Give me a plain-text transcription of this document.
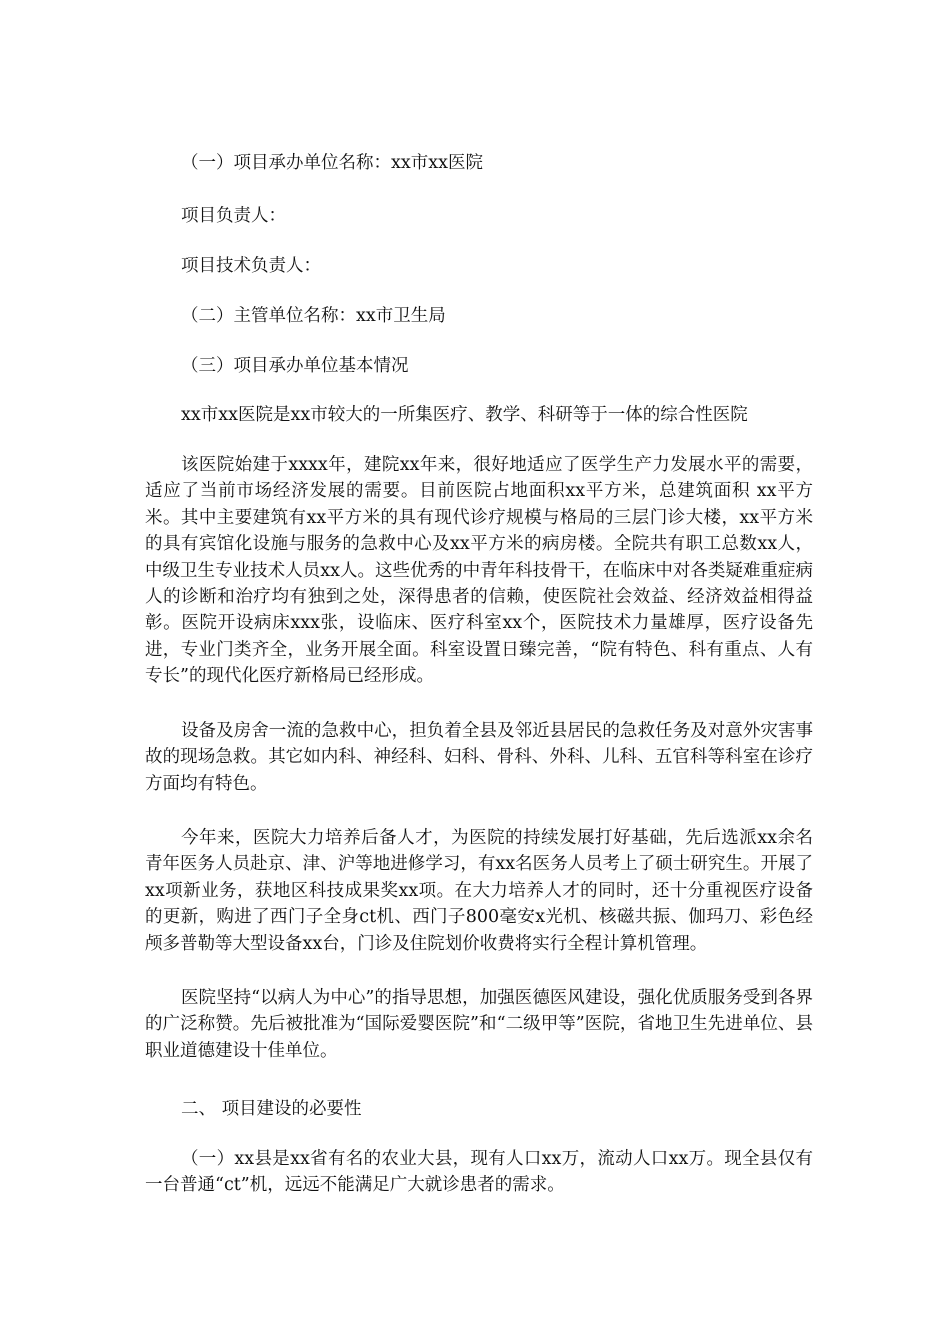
（一）项目承办单位名称：xx市xx医院
项目负责人：
项目技术负责人：
（二）主管单位名称：xx市卫生局
（三）项目承办单位基本情况
xx市xx医院是xx市较大的一所集医疗、教学、科研等于一体的综合性医院

该医院始建于xxxx年，建院xx年来，很好地适应了医学生产力发展水平的需要，适应了当前市场经济发展的需要。目前医院占地面积xx平方米，总建筑面积 xx平方米。其中主要建筑有xx平方米的具有现代诊疗规模与格局的三层门诊大楼，xx平方米的具有宾馆化设施与服务的急救中心及xx平方米的病房楼。全院共有职工总数xx人，中级卫生专业技术人员xx人。这些优秀的中青年科技骨干，在临床中对各类疑难重症病人的诊断和治疗均有独到之处，深得患者的信赖，使医院社会效益、经济效益相得益彰。医院开设病床xxx张，设临床、医疗科室xx个，医院技术力量雄厚，医疗设备先进，专业门类齐全，业务开展全面。科室设置日臻完善，“院有特色、科有重点、人有专长”的现代化医疗新格局已经形成。

设备及房舍一流的急救中心，担负着全县及邻近县居民的急救任务及对意外灾害事故的现场急救。其它如内科、神经科、妇科、骨科、外科、儿科、五官科等科室在诊疗方面均有特色。

今年来，医院大力培养后备人才，为医院的持续发展打好基础，先后选派xx余名青年医务人员赴京、津、沪等地进修学习，有xx名医务人员考上了硕士研究生。开展了xx项新业务，获地区科技成果奖xx项。在大力培养人才的同时，还十分重视医疗设备的更新，购进了西门子全身ct机、西门子800毫安x光机、核磁共振、伽玛刀、彩色经颅多普勒等大型设备xx台，门诊及住院划价收费将实行全程计算机管理。

医院坚持“以病人为中心”的指导思想，加强医德医风建设，强化优质服务受到各界的广泛称赞。先后被批准为“国际爱婴医院”和“二级甲等”医院，省地卫生先进单位、县职业道德建设十佳单位。

二、 项目建设的必要性

（一）xx县是xx省有名的农业大县，现有人口xx万，流动人口xx万。现全县仅有一台普通“ct”机，远远不能满足广大就诊患者的需求。
